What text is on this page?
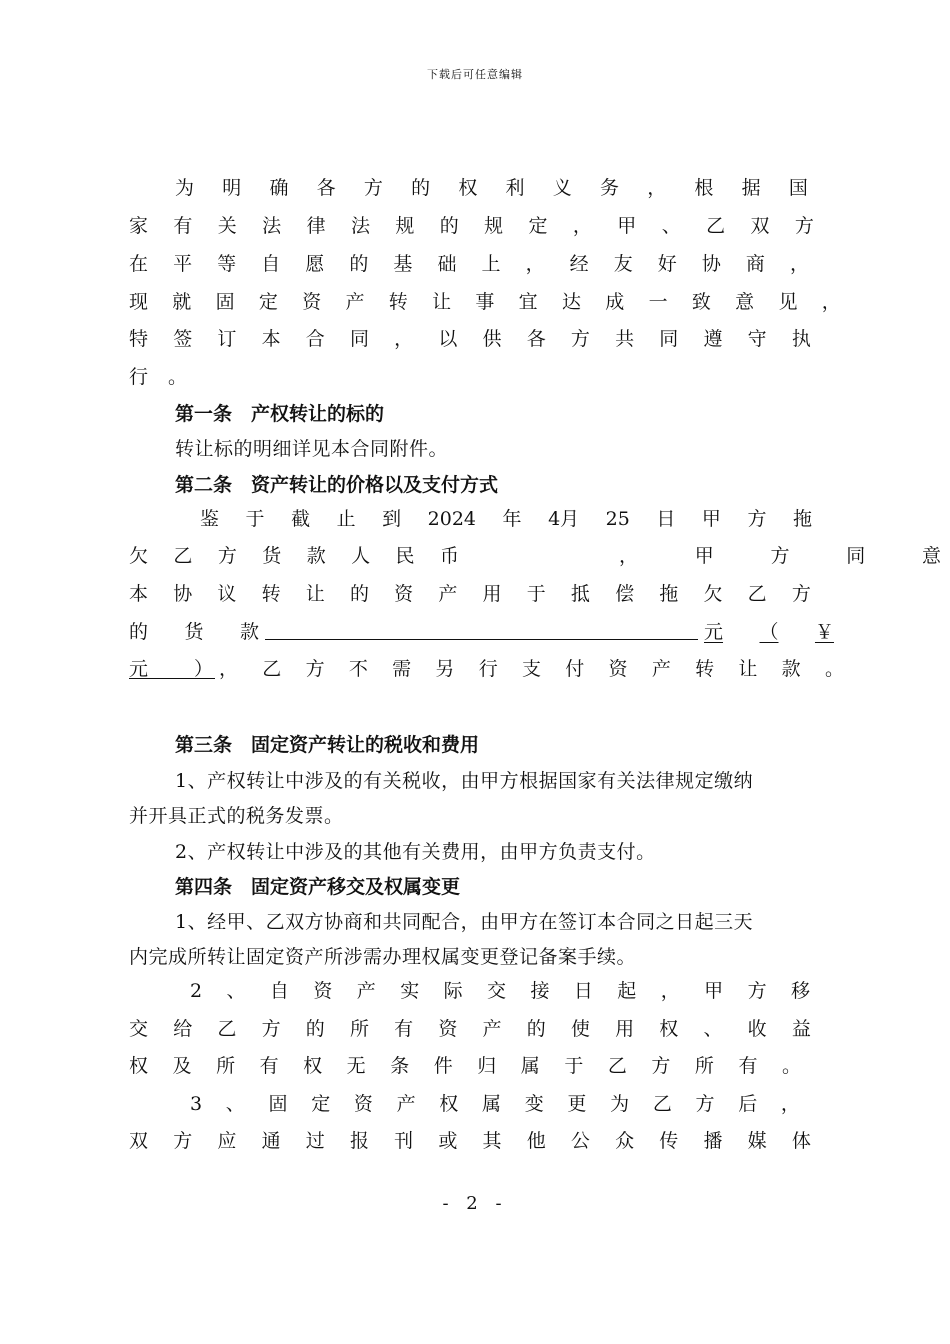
下载后可任意编辑
为 明 确 各 方 的 权 利 义 务 ， 根 据 国
家 有 关 法 律 法 规 的 规 定 ， 甲 、 乙 双 方
在 平 等 自 愿 的 基 础 上 ， 经 友 好 协 商 ，
现 就 固 定 资 产 转 让 事 宜 达 成 一 致 意 见 ，
特 签 订 本 合 同 ， 以 供 各 方 共 同 遵 守 执
行 。
第一条　产权转让的标的
转让标的明细详见本合同附件。
第二条　资产转让的价格以及支付方式
鉴 于 截 止 到 2024 年 4月 25 日 甲 方 拖
欠 乙 方 货 款 人 民 币	，	甲	方	同	意
本 协 议 转 让 的 资 产 用 于 抵 偿 拖 欠 乙 方
的 货 款	元 （ ￥
元 ） ， 乙 方 不 需 另 行 支 付 资 产 转 让 款 。
第三条　固定资产转让的税收和费用
1、产权转让中涉及的有关税收，由甲方根据国家有关法律规定缴纳
并开具正式的税务发票。
2、产权转让中涉及的其他有关费用，由甲方负责支付。
第四条　固定资产移交及权属变更
1、经甲、乙双方协商和共同配合，由甲方在签订本合同之日起三天
内完成所转让固定资产所涉需办理权属变更登记备案手续。
2 、 自 资 产 实 际 交 接 日 起 ， 甲 方 移
交 给 乙 方 的 所 有 资 产 的 使 用 权 、 收 益
权 及 所 有 权 无 条 件 归 属 于 乙 方 所 有 。
3 、 固 定 资 产 权 属 变 更 为 乙 方 后 ，
双 方 应 通 过 报 刊 或 其 他 公 众 传 播 媒 体
- 2 -
